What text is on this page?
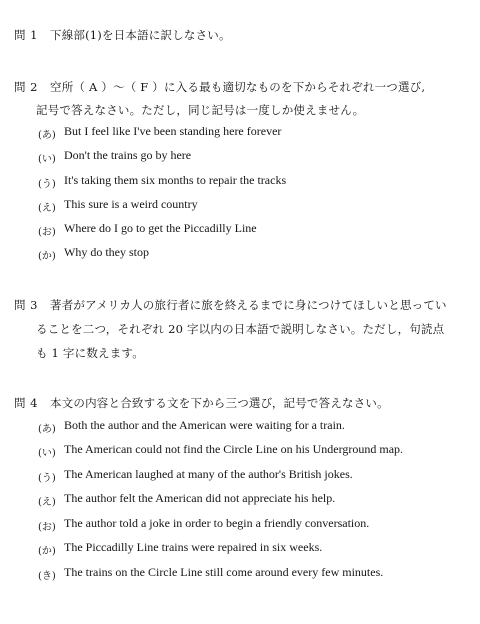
問 1 下線部(1)を日本語に訳しなさい。
問 2 空所（ A ）～（ F ）に入る最も適切なものを下からそれぞれ一つ選び,
記号で答えなさい。ただし，同じ記号は一度しか使えません。
(あ) But I feel like I've been standing here forever
(い) Don't the trains go by here
(う) It's taking them six months to repair the tracks
(え) This sure is a weird country
(お) Where do I go to get the Piccadilly Line
(か) Why do they stop
問 3 著者がアメリカ人の旅行者に旅を終えるまでに身につけてほしいと思ってい
ることを二つ，それぞれ 20 字以内の日本語で説明しなさい。ただし，句読点
も 1 字に数えます。
問 4 本文の内容と合致する文を下から三つ選び，記号で答えなさい。
(あ) Both the author and the American were waiting for a train.
(い) The American could not find the Circle Line on his Underground map.
(う) The American laughed at many of the author's British jokes.
(え) The author felt the American did not appreciate his help.
(お) The author told a joke in order to begin a friendly conversation.
(か) The Piccadilly Line trains were repaired in six weeks.
(き) The trains on the Circle Line still come around every few minutes.
